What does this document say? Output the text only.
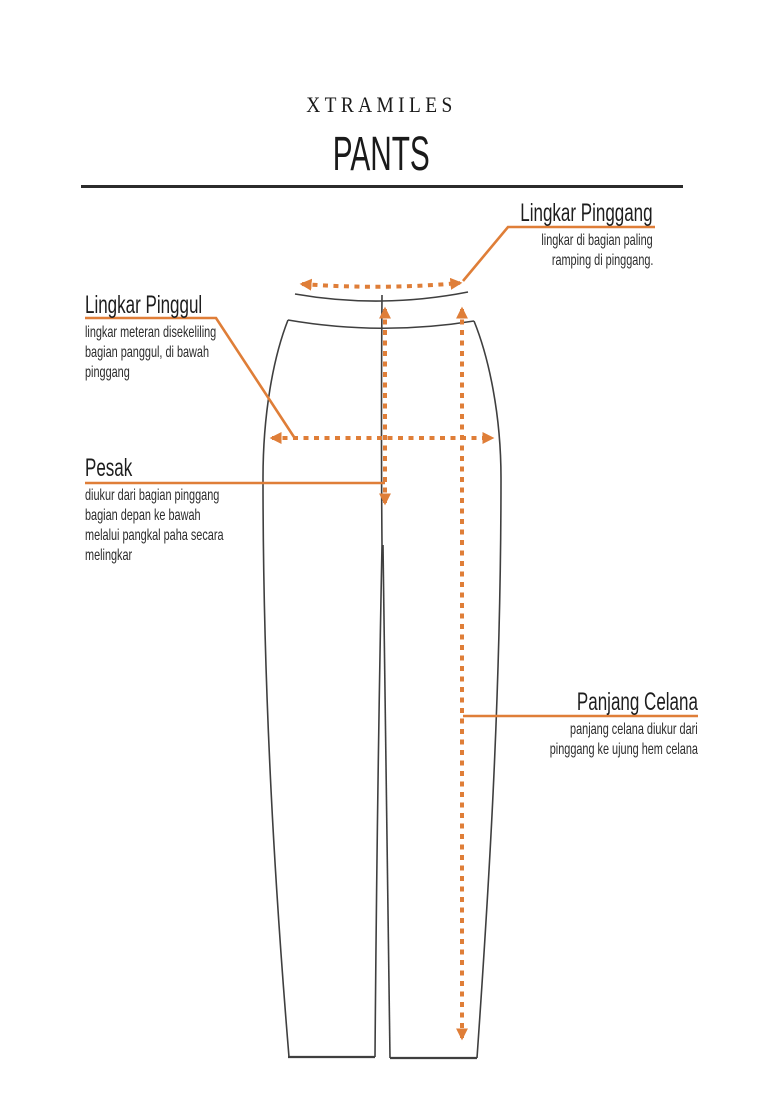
XTRAMILES
PANTS
Lingkar Pinggang
lingkar di bagian paling
ramping di pinggang.
Lingkar Pinggul
lingkar meteran disekeliling
bagian panggul, di bawah
pinggang
Pesak
diukur dari bagian pinggang
bagian depan ke bawah
melalui pangkal paha secara
melingkar
Panjang Celana
panjang celana diukur dari
pinggang ke ujung hem celana
